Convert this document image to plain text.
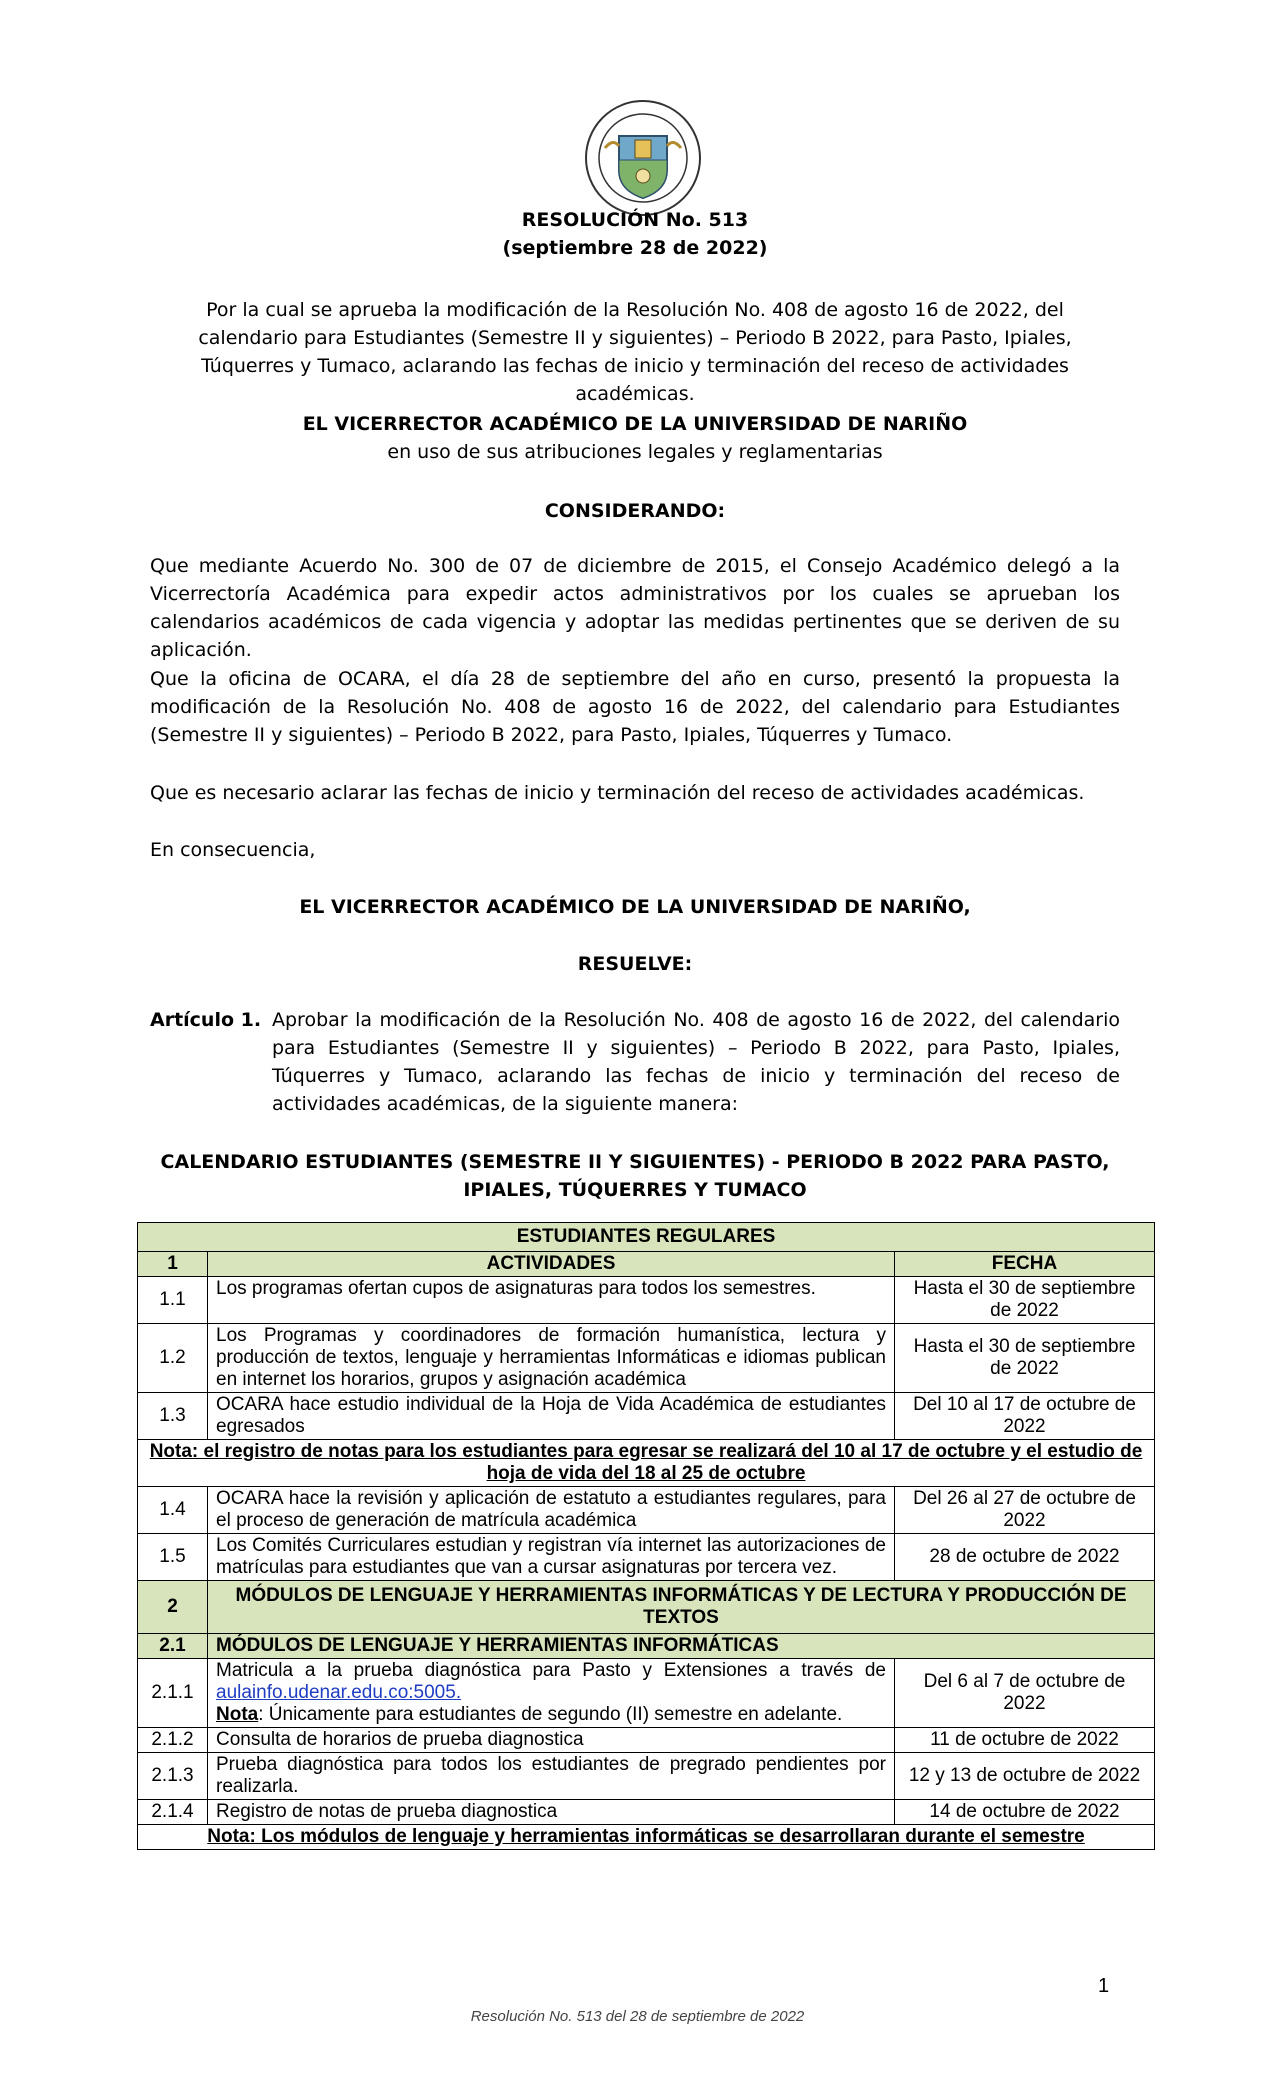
RESOLUCIÓN No. 513

(septiembre 28 de 2022)

Por la cual se aprueba la modificación de la Resolución No. 408 de agosto 16 de 2022, del calendario para Estudiantes (Semestre II y siguientes) – Periodo B 2022, para Pasto, Ipiales, Túquerres y Tumaco, aclarando las fechas de inicio y terminación del receso de actividades académicas.

EL VICERRECTOR ACADÉMICO DE LA UNIVERSIDAD DE NARIÑO

en uso de sus atribuciones legales y reglamentarias

CONSIDERANDO:

Que mediante Acuerdo No. 300 de 07 de diciembre de 2015, el Consejo Académico delegó a la Vicerrectoría Académica para expedir actos administrativos por los cuales se aprueban los calendarios académicos de cada vigencia y adoptar las medidas pertinentes que se deriven de su aplicación.

Que la oficina de OCARA, el día 28 de septiembre del año en curso, presentó la propuesta la modificación de la Resolución No. 408 de agosto 16 de 2022, del calendario para Estudiantes (Semestre II y siguientes) – Periodo B 2022, para Pasto, Ipiales, Túquerres y Tumaco.

Que es necesario aclarar las fechas de inicio y terminación del receso de actividades académicas.

En consecuencia,

EL VICERRECTOR ACADÉMICO DE LA UNIVERSIDAD DE NARIÑO,

RESUELVE:

Artículo 1. Aprobar la modificación de la Resolución No. 408 de agosto 16 de 2022, del calendario para Estudiantes (Semestre II y siguientes) – Periodo B 2022, para Pasto, Ipiales, Túquerres y Tumaco, aclarando las fechas de inicio y terminación del receso de actividades académicas, de la siguiente manera:

CALENDARIO ESTUDIANTES (SEMESTRE II Y SIGUIENTES) - PERIODO B 2022 PARA PASTO, IPIALES, TÚQUERRES Y TUMACO

ESTUDIANTES REGULARES		
1	ACTIVIDADES	FECHA
1.1	Los programas ofertan cupos de asignaturas para todos los semestres.	Hasta el 30 de septiembre de 2022
1.2	Los Programas y coordinadores de formación humanística, lectura y producción de textos, lenguaje y herramientas Informáticas e idiomas publican en internet los horarios, grupos y asignación académica	Hasta el 30 de septiembre de 2022
1.3	OCARA hace estudio individual de la Hoja de Vida Académica de estudiantes egresados	Del 10 al 17 de octubre de 2022
Nota: el registro de notas para los estudiantes para egresar se realizará del 10 al 17 de octubre y el estudio de hoja de vida del 18 al 25 de octubre		
1.4	OCARA hace la revisión y aplicación de estatuto a estudiantes regulares, para el proceso de generación de matrícula académica	Del 26 al 27 de octubre de 2022
1.5	Los Comités Curriculares estudian y registran vía internet las autorizaciones de matrículas para estudiantes que van a cursar asignaturas por tercera vez.	28 de octubre de 2022
2	MÓDULOS DE LENGUAJE Y HERRAMIENTAS INFORMÁTICAS Y DE LECTURA Y PRODUCCIÓN DE TEXTOS	
2.1	MÓDULOS DE LENGUAJE Y HERRAMIENTAS INFORMÁTICAS	
2.1.1	Matricula a la prueba diagnóstica para Pasto y Extensiones a través de aulainfo.udenar.edu.co:5005.
Nota: Únicamente para estudiantes de segundo (II) semestre en adelante.	Del 6 al 7 de octubre de 2022
2.1.2	Consulta de horarios de prueba diagnostica	11 de octubre de 2022
2.1.3	Prueba diagnóstica para todos los estudiantes de pregrado pendientes por realizarla.	12 y 13 de octubre de 2022
2.1.4	Registro de notas de prueba diagnostica	14 de octubre de 2022
Nota: Los módulos de lenguaje y herramientas informáticas se desarrollaran durante el semestre		
1
Resolución No. 513 del 28 de septiembre de 2022
